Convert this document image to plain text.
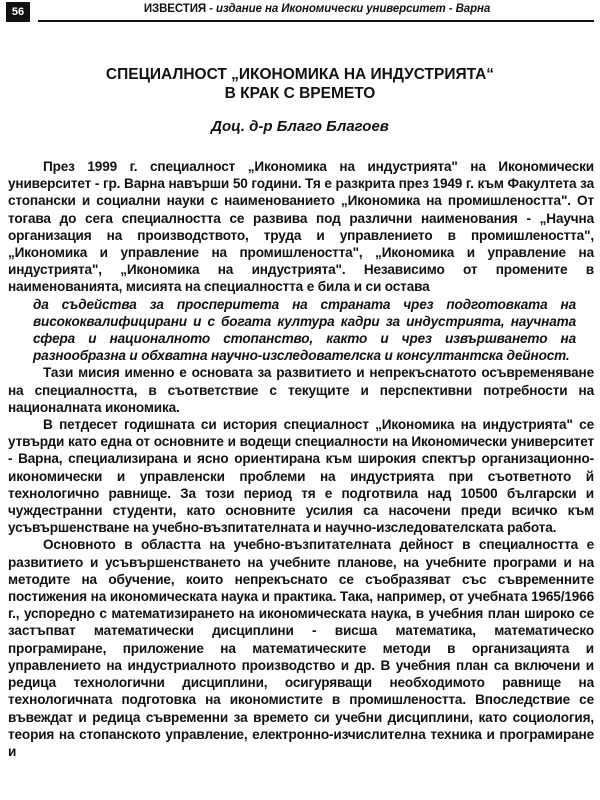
56	ИЗВЕСТИЯ - издание на Икономически университет - Варна
СПЕЦИАЛНОСТ „ИКОНОМИКА НА ИНДУСТРИЯТА“
В КРАК С ВРЕМЕТО
Доц. д-р Благо Благоев

През 1999 г. специалност „Икономика на индустрията" на Икономически университет - гр. Варна навърши 50 години. Тя е разкрита през 1949 г. към Факултета за стопански и социални науки с наименованието „Икономика на промишлеността". От тогава до сега специалността се развива под различни наименования - „Научна организация на производството, труда и управлението в промишлеността", „Икономика и управление на промишлеността", „Икономика и управление на индустрията", „Икономика на индустрията". Независимо от промените в наименованията, мисията на специалността е била и си остава

да съдейства за просперитета на страната чрез подготовката на висококвалифицирани и с богата култура кадри за индустрията, научната сфера и националното стопанство, както и чрез извършването на разнообразна и обхватна научно-изследователска и консултантска дейност.

Тази мисия именно е основата за развитието и непрекъснатото осъвременяване на специалността, в съответствие с текущите и перспективни потребности на националната икономика.

В петдесет годишната си история специалност „Икономика на индустрията" се утвърди като една от основните и водещи специалности на Икономически университет - Варна, специализирана и ясно ориентирана към широкия спектър организационно-икономически и управленски проблеми на индустрията при съответното й технологично равнище. За този период тя е подготвила над 10500 български и чуждестранни студенти, като основните усилия са насочени преди всичко към усъвършенстване на учебно-възпитателната и научно-изследователската работа.

Основното в областта на учебно-възпитателната дейност в специалността е развитието и усъвършенстването на учебните планове, на учебните програми и на методите на обучение, които непрекъснато се съобразяват със съвременните постижения на икономическата наука и практика. Така, например, от учебната 1965/1966 г., успоредно с математизирането на икономическата наука, в учебния план широко се застъпват математически дисциплини - висша математика, математическо програмиране, приложение на математическите методи в организацията и управлението на индустриалното производство и др. В учебния план са включени и редица технологични дисциплини, осигуряващи необходимото равнище на технологичната подготовка на икономистите в промишлеността. Впоследствие се въвеждат и редица съвременни за времето си учебни дисциплини, като социология, теория на стопанското управление, електронно-изчислителна техника и програмиране и
